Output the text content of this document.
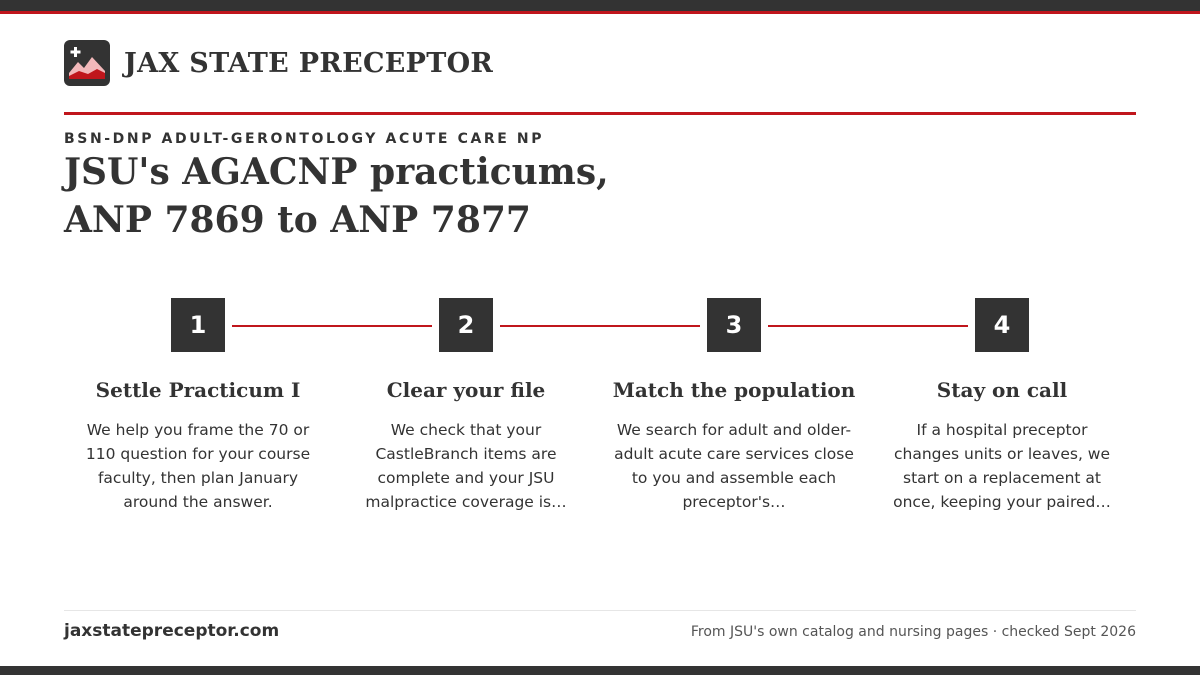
JAX STATE PRECEPTOR
BSN-DNP ADULT-GERONTOLOGY ACUTE CARE NP
JSU's AGACNP practicums,
ANP 7869 to ANP 7877
1
Settle Practicum I
We help you frame the 70 or 110 question for your course faculty, then plan January around the answer.
2
Clear your file
We check that your CastleBranch items are complete and your JSU malpractice coverage is…
3
Match the population
We search for adult and older-adult acute care services close to you and assemble each preceptor's…
4
Stay on call
If a hospital preceptor changes units or leaves, we start on a replacement at once, keeping your paired…
jaxstatepreceptor.com	From JSU's own catalog and nursing pages · checked Sept 2026
